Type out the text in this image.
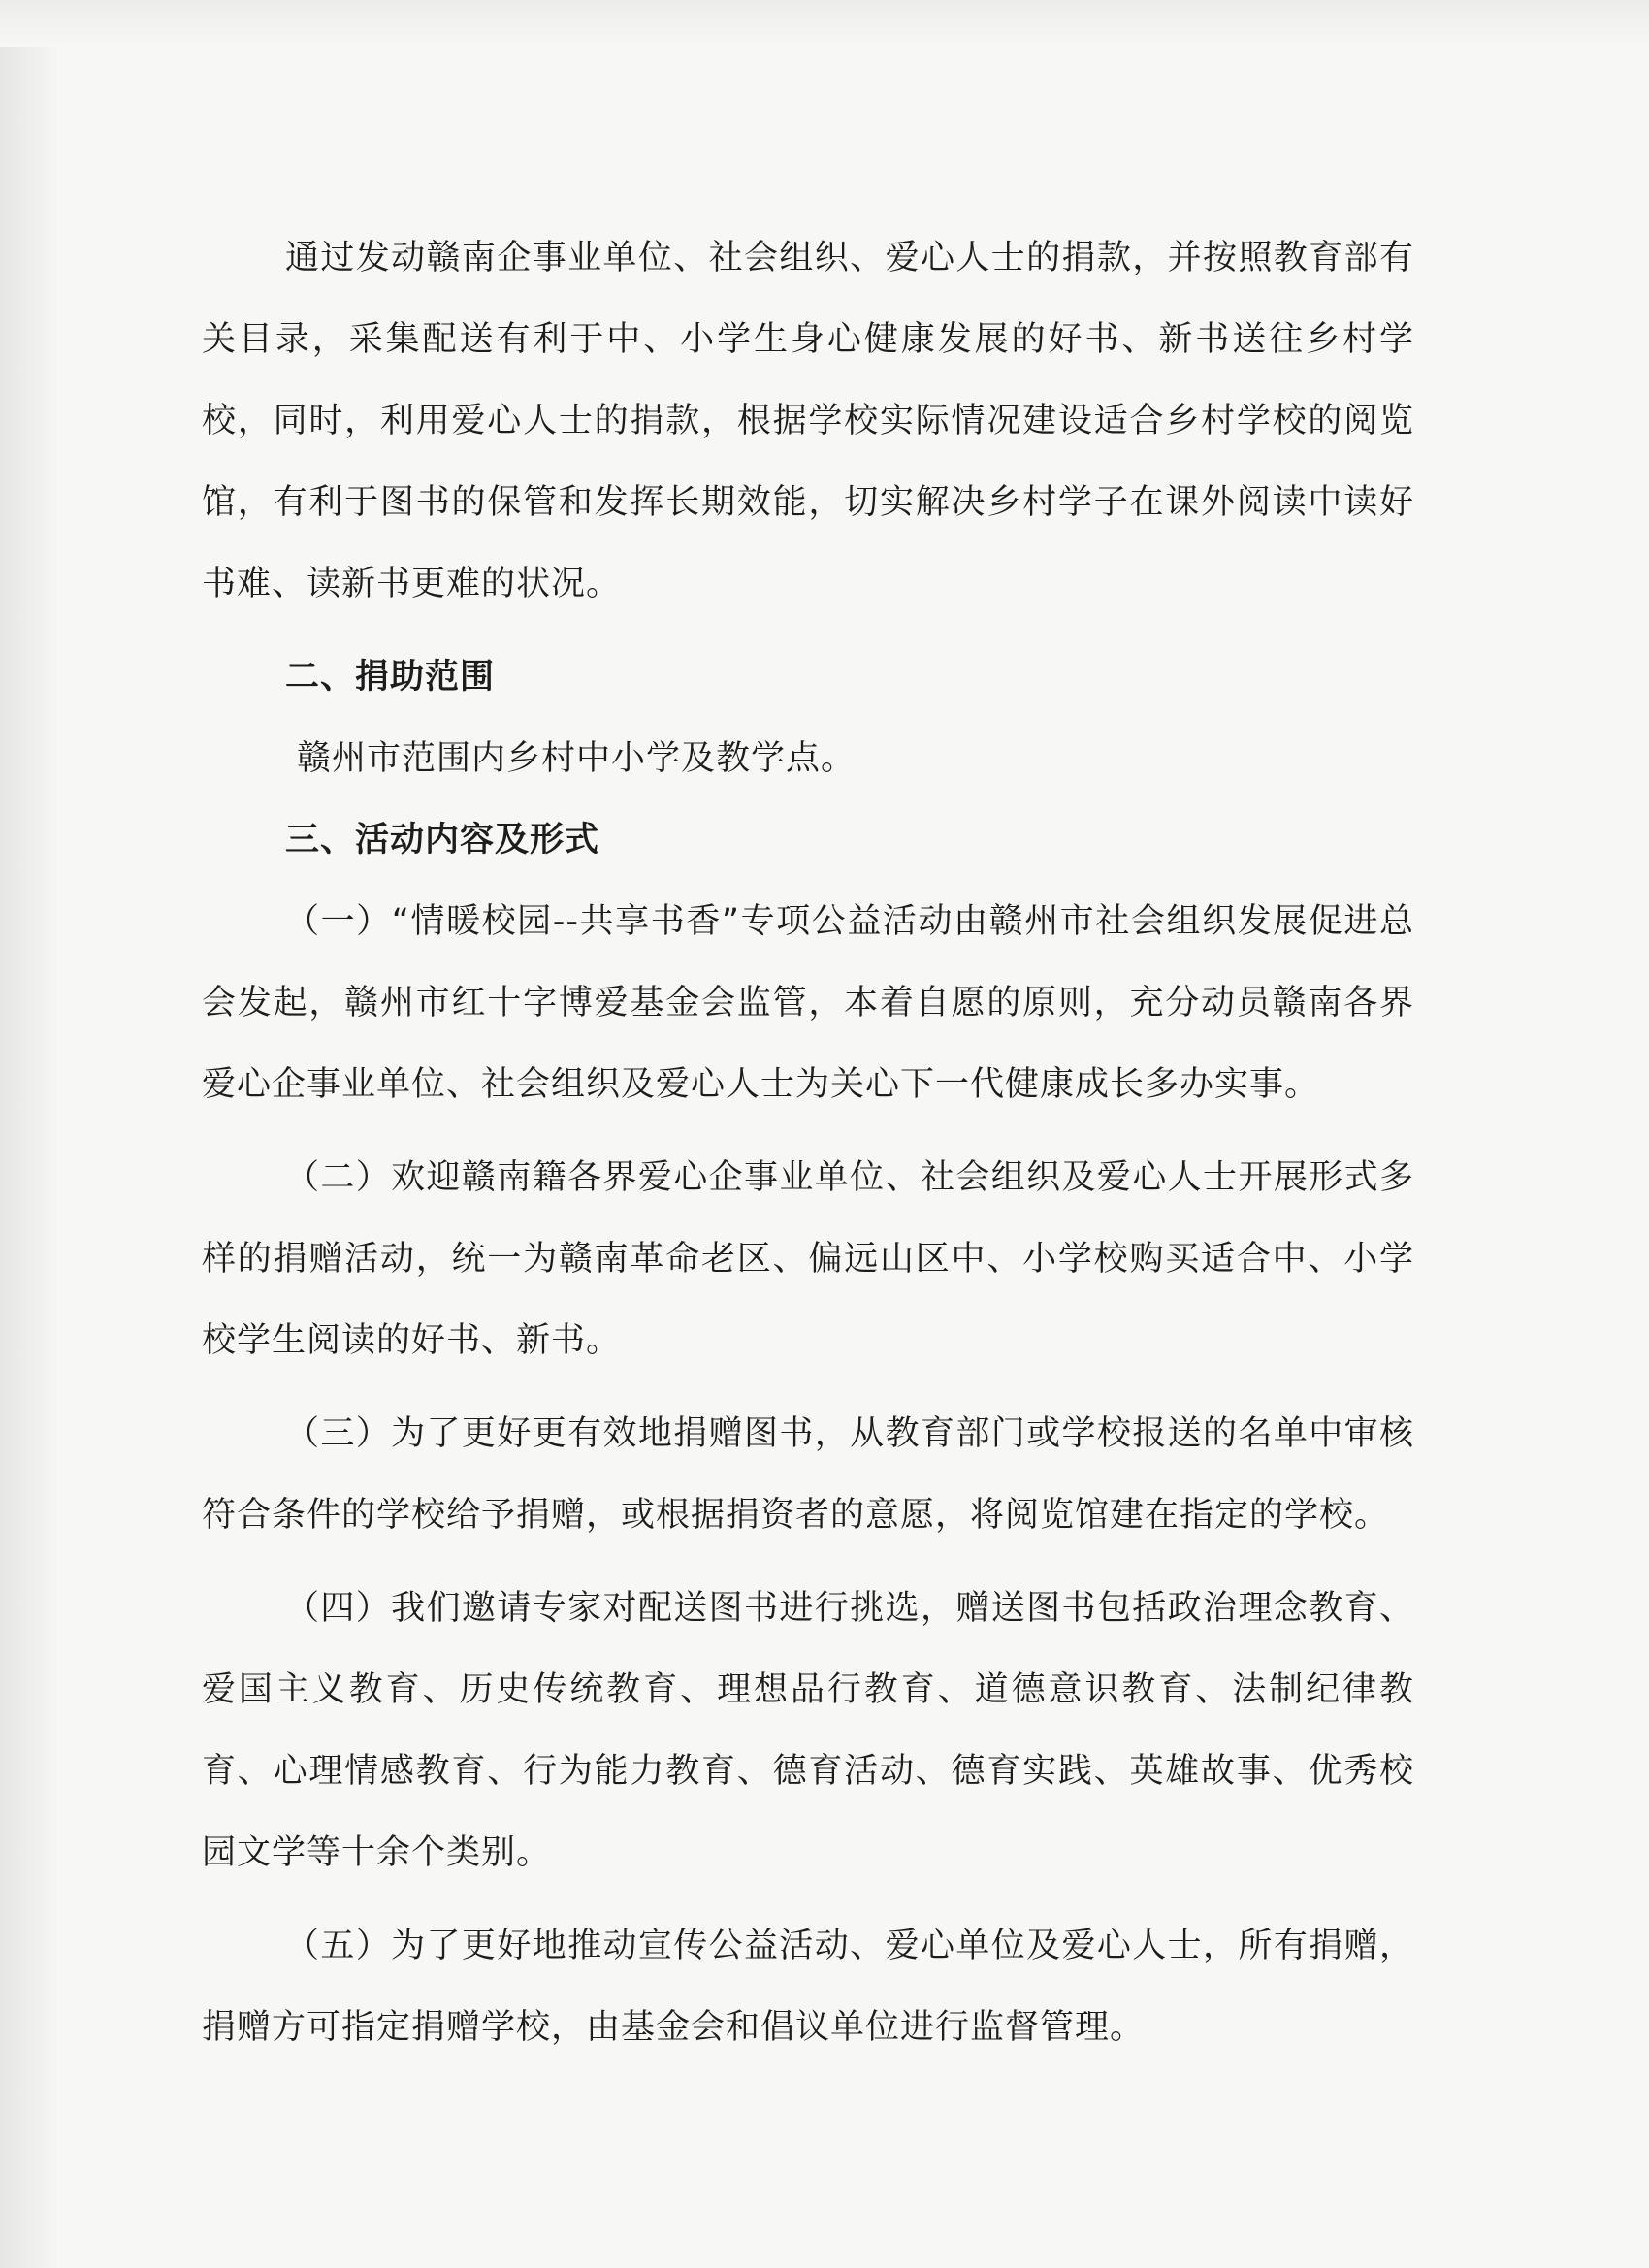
通过发动赣南企事业单位、社会组织、爱心人士的捐款，并按照教育部有关目录，采集配送有利于中、小学生身心健康发展的好书、新书送往乡村学校，同时，利用爱心人士的捐款，根据学校实际情况建设适合乡村学校的阅览馆，有利于图书的保管和发挥长期效能，切实解决乡村学子在课外阅读中读好书难、读新书更难的状况。

二、捐助范围

赣州市范围内乡村中小学及教学点。

三、活动内容及形式

（一）“情暖校园--共享书香”专项公益活动由赣州市社会组织发展促进总会发起，赣州市红十字博爱基金会监管，本着自愿的原则，充分动员赣南各界爱心企事业单位、社会组织及爱心人士为关心下一代健康成长多办实事。

（二）欢迎赣南籍各界爱心企事业单位、社会组织及爱心人士开展形式多样的捐赠活动，统一为赣南革命老区、偏远山区中、小学校购买适合中、小学校学生阅读的好书、新书。

（三）为了更好更有效地捐赠图书，从教育部门或学校报送的名单中审核符合条件的学校给予捐赠，或根据捐资者的意愿，将阅览馆建在指定的学校。

（四）我们邀请专家对配送图书进行挑选，赠送图书包括政治理念教育、爱国主义教育、历史传统教育、理想品行教育、道德意识教育、法制纪律教育、心理情感教育、行为能力教育、德育活动、德育实践、英雄故事、优秀校园文学等十余个类别。

（五）为了更好地推动宣传公益活动、爱心单位及爱心人士，所有捐赠，捐赠方可指定捐赠学校，由基金会和倡议单位进行监督管理。
